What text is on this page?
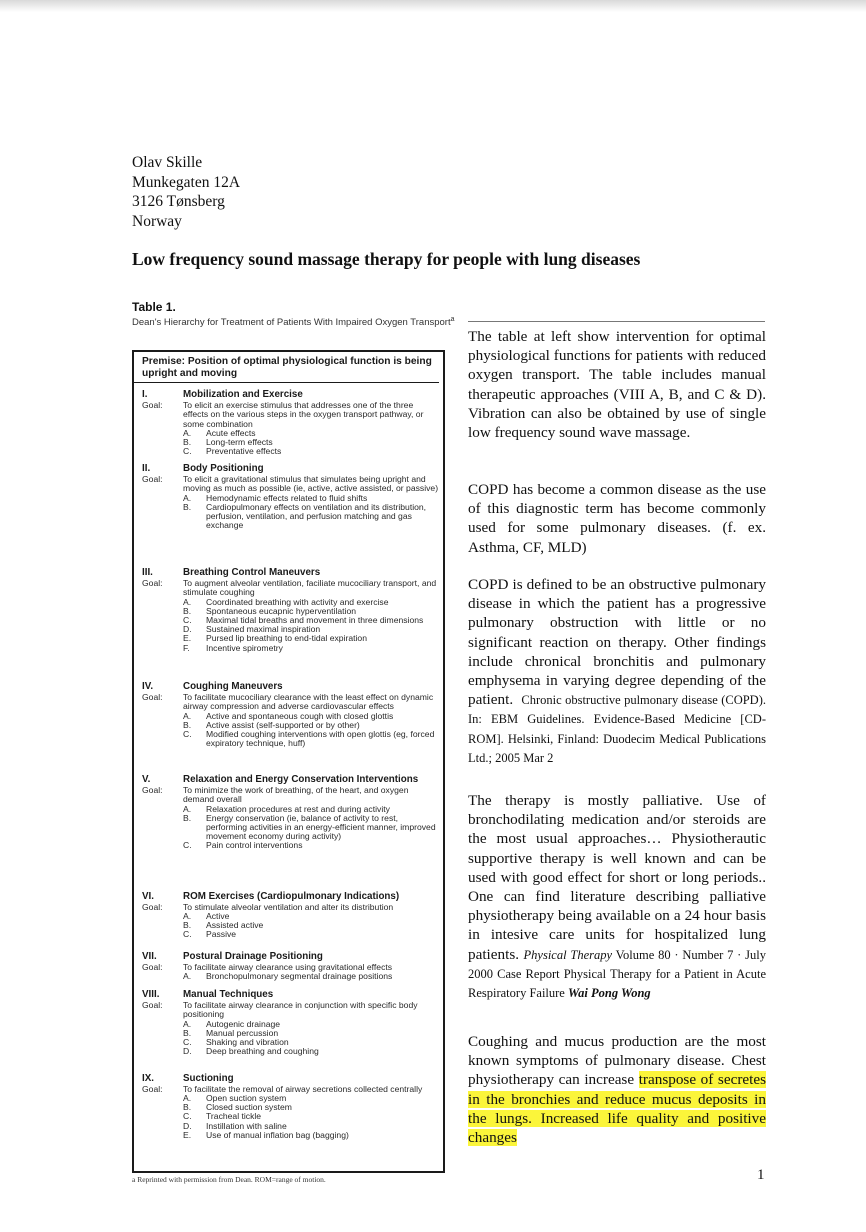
Olav Skille
Munkegaten 12A
3126 Tønsberg
Norway
Low frequency sound massage therapy for people with lung diseases
Table 1.
Dean's Hierarchy for Treatment of Patients With Impaired Oxygen Transport$^a$
Premise: Position of optimal physiological function is being upright and moving
I.	Mobilization and Exercise
Goal: To elicit an exercise stimulus that addresses one of the three effects on the various steps in the oxygen transport pathway, or some combination
A. Acute effects
B. Long-term effects
C. Preventative effects
II.	Body Positioning
Goal: To elicit a gravitational stimulus that simulates being upright and moving as much as possible (ie, active, active assisted, or passive)
A. Hemodynamic effects related to fluid shifts
B. Cardiopulmonary effects on ventilation and its distribution, perfusion, ventilation, and perfusion matching and gas exchange
III.	Breathing Control Maneuvers
Goal: To augment alveolar ventilation, faciliate mucociliary transport, and stimulate coughing
A. Coordinated breathing with activity and exercise
B. Spontaneous eucapnic hyperventilation
C. Maximal tidal breaths and movement in three dimensions
D. Sustained maximal inspiration
E. Pursed lip breathing to end-tidal expiration
F. Incentive spirometry
IV.	Coughing Maneuvers
Goal: To facilitate mucociliary clearance with the least effect on dynamic airway compression and adverse cardiovascular effects
A. Active and spontaneous cough with closed glottis
B. Active assist (self-supported or by other)
C. Modified coughing interventions with open glottis (eg, forced expiratory technique, huff)
V.	Relaxation and Energy Conservation Interventions
Goal: To minimize the work of breathing, of the heart, and oxygen demand overall
A. Relaxation procedures at rest and during activity
B. Energy conservation (ie, balance of activity to rest, performing activities in an energy-efficient manner, improved movement economy during activity)
C. Pain control interventions
VI.	ROM Exercises (Cardiopulmonary Indications)
Goal: To stimulate alveolar ventilation and alter its distribution
A. Active
B. Assisted active
C. Passive
VII.	Postural Drainage Positioning
Goal: To facilitate airway clearance using gravitational effects
A. Bronchopulmonary segmental drainage positions
VIII. Manual Techniques
Goal: To facilitate airway clearance in conjunction with specific body positioning
A. Autogenic drainage
B. Manual percussion
C. Shaking and vibration
D. Deep breathing and coughing
IX.	Suctioning
Goal: To facilitate the removal of airway secretions collected centrally
A. Open suction system
B. Closed suction system
C. Tracheal tickle
D. Instillation with saline
E. Use of manual inflation bag (bagging)
a Reprinted with permission from Dean. ROM=range of motion.

The table at left show intervention for optimal physiological functions for patients with reduced oxygen transport. The table includes manual therapeutic approaches (VIII A, B, and C & D). Vibration can also be obtained by use of single low frequency sound wave massage.

COPD has become a common disease as the use of this diagnostic term has become commonly used for some pulmonary diseases. (f. ex. Asthma, CF, MLD)

COPD is defined to be an obstructive pulmonary disease in which the patient has a progressive pulmonary obstruction with little or no significant reaction on therapy. Other findings include chronical bronchitis and pulmonary emphysema in varying degree depending of the patient. Chronic obstructive pulmonary disease (COPD). In: EBM Guidelines. Evidence-Based Medicine [CD-ROM]. Helsinki, Finland: Duodecim Medical Publications Ltd.; 2005 Mar 2

The therapy is mostly palliative. Use of bronchodilating medication and/or steroids are the most usual approaches… Physiotherautic supportive therapy is well known and can be used with good effect for short or long periods.. One can find literature describing palliative physiotherapy being available on a 24 hour basis in intesive care units for hospitalized lung patients. Physical Therapy Volume 80 · Number 7 · July 2000 Case Report Physical Therapy for a Patient in Acute Respiratory Failure Wai Pong Wong

Coughing and mucus production are the most known symptoms of pulmonary disease. Chest physiotherapy can increase transpose of secretes in the bronchies and reduce mucus deposits in the lungs. Increased life quality and positive changes

1
